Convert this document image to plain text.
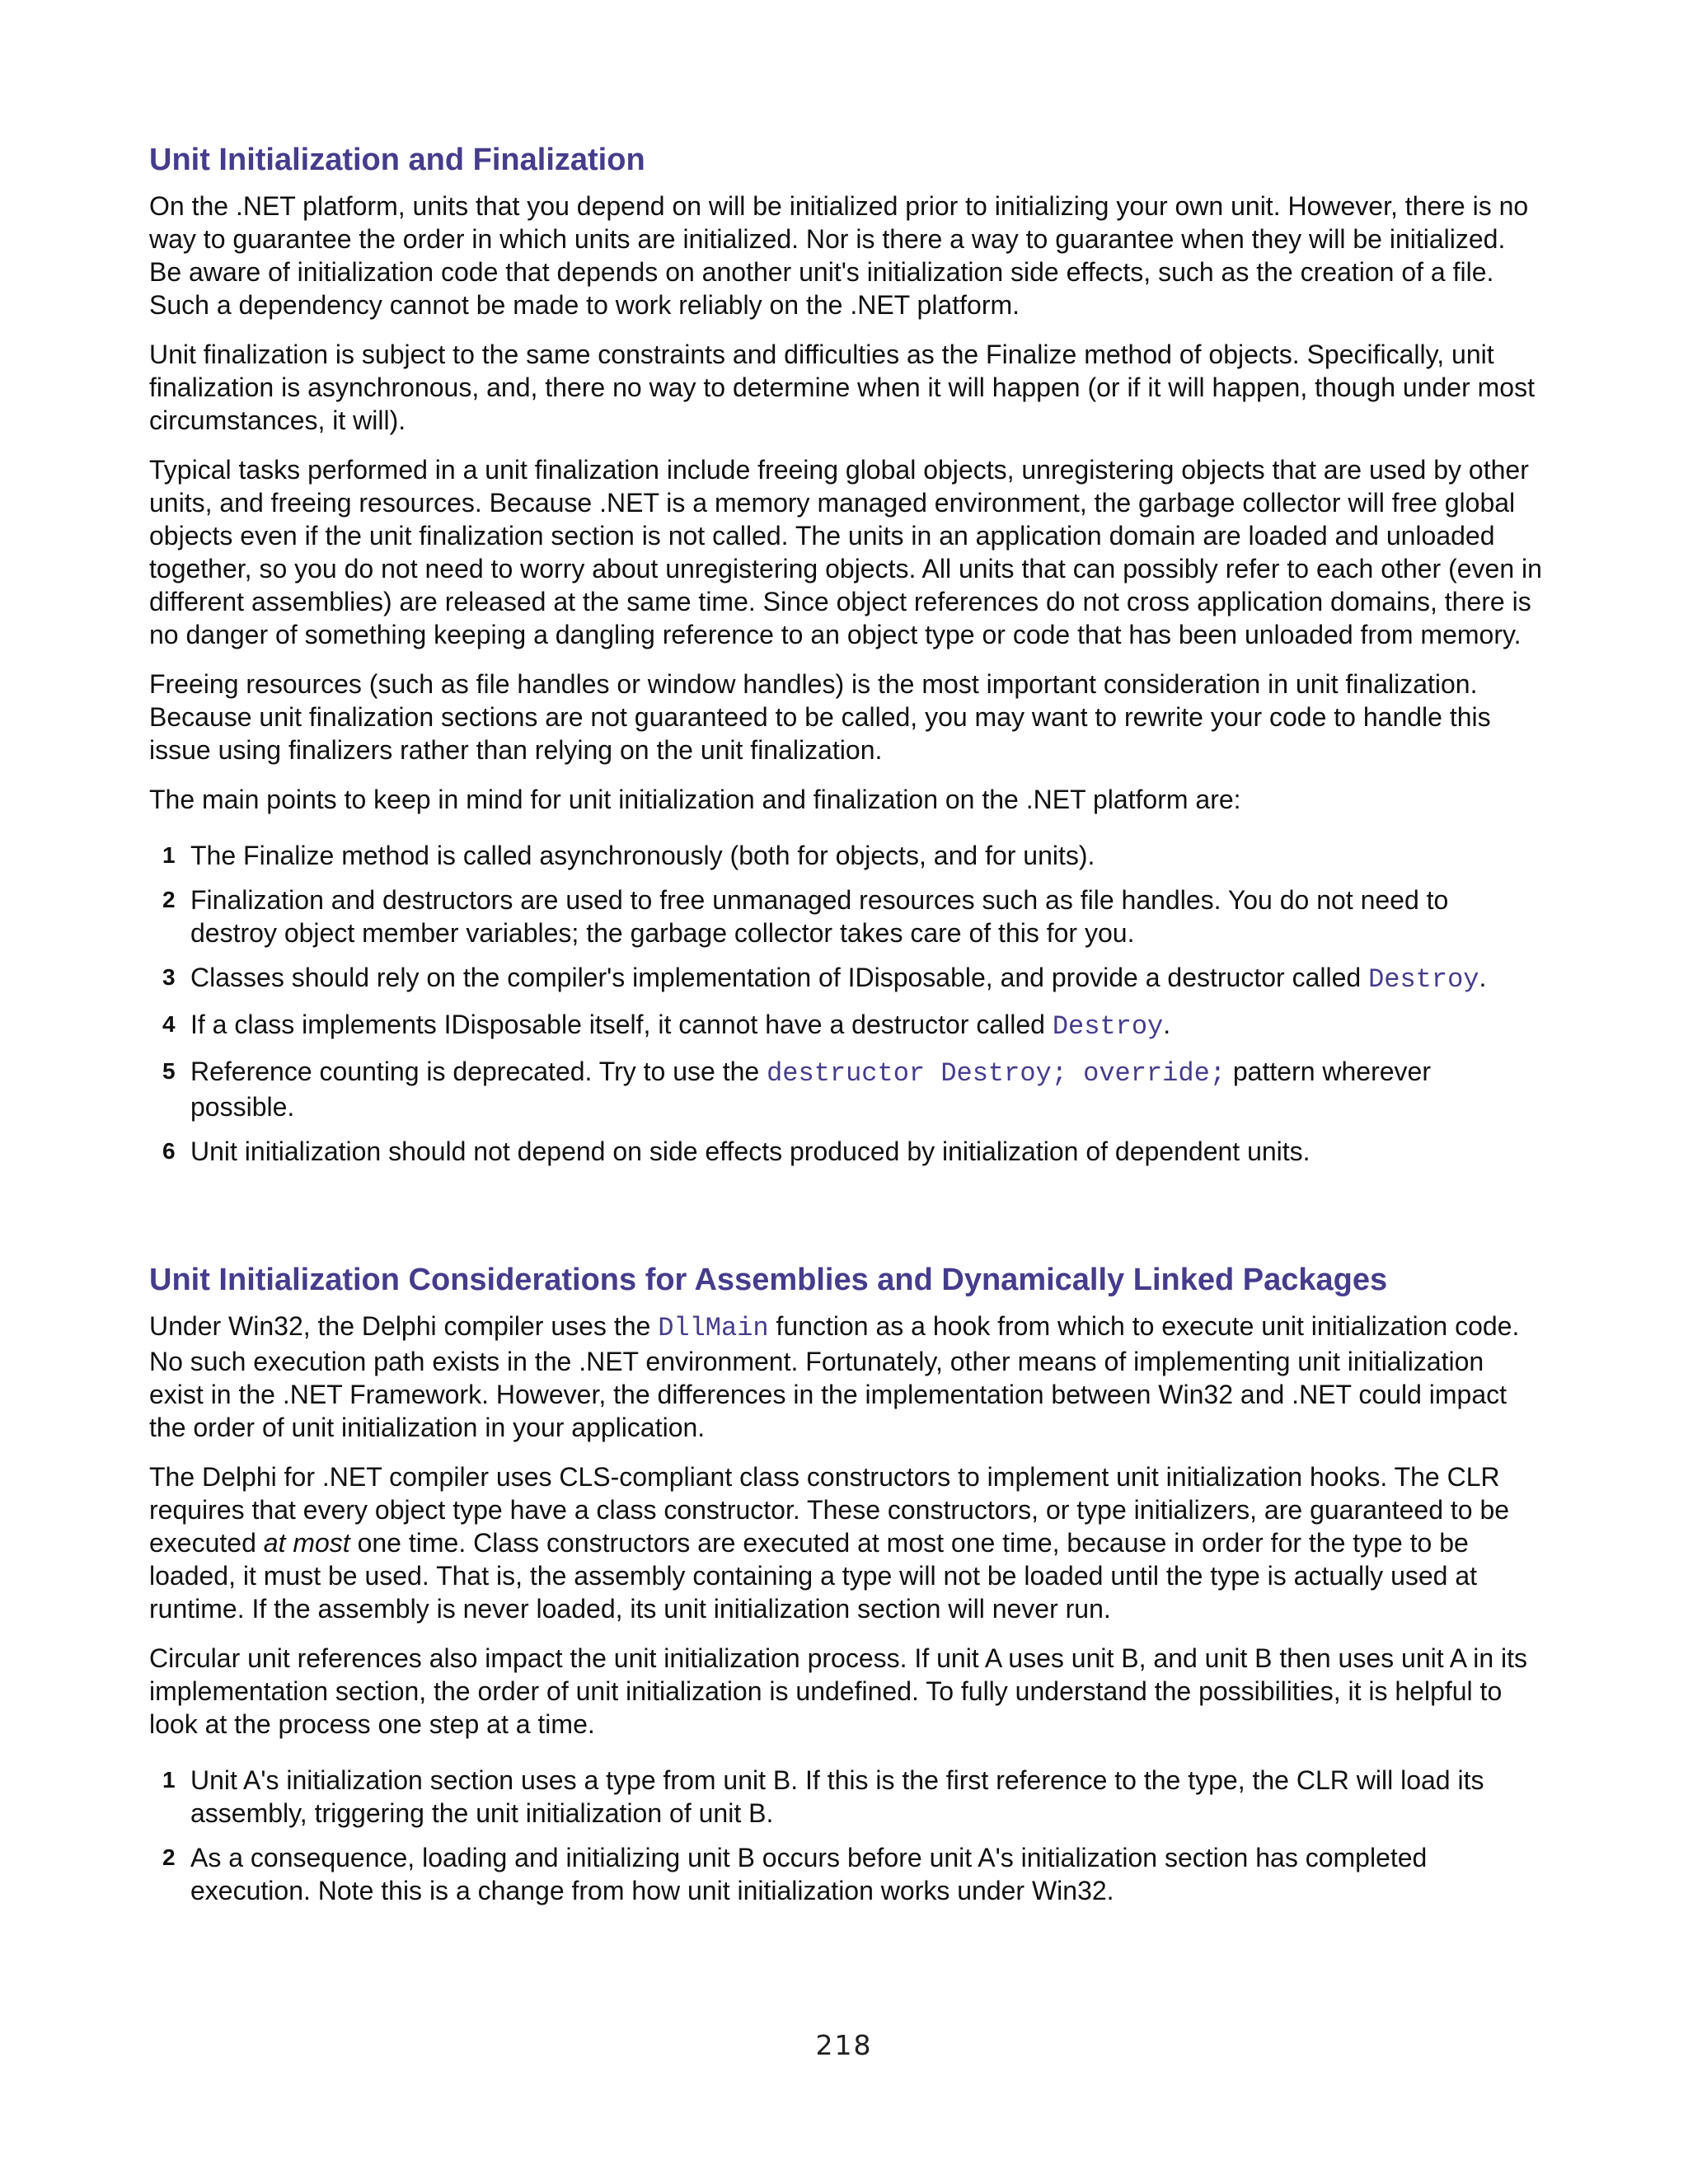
Unit Initialization and Finalization

On the .NET platform, units that you depend on will be initialized prior to initializing your own unit. However, there is no way to guarantee the order in which units are initialized. Nor is there a way to guarantee when they will be initialized. Be aware of initialization code that depends on another unit's initialization side effects, such as the creation of a file. Such a dependency cannot be made to work reliably on the .NET platform.

Unit finalization is subject to the same constraints and difficulties as the Finalize method of objects. Specifically, unit finalization is asynchronous, and, there no way to determine when it will happen (or if it will happen, though under most circumstances, it will).

Typical tasks performed in a unit finalization include freeing global objects, unregistering objects that are used by other units, and freeing resources. Because .NET is a memory managed environment, the garbage collector will free global objects even if the unit finalization section is not called. The units in an application domain are loaded and unloaded together, so you do not need to worry about unregistering objects. All units that can possibly refer to each other (even in different assemblies) are released at the same time. Since object references do not cross application domains, there is no danger of something keeping a dangling reference to an object type or code that has been unloaded from memory.

Freeing resources (such as file handles or window handles) is the most important consideration in unit finalization. Because unit finalization sections are not guaranteed to be called, you may want to rewrite your code to handle this issue using finalizers rather than relying on the unit finalization.

The main points to keep in mind for unit initialization and finalization on the .NET platform are:

1 The Finalize method is called asynchronously (both for objects, and for units).
2 Finalization and destructors are used to free unmanaged resources such as file handles. You do not need to destroy object member variables; the garbage collector takes care of this for you.
3 Classes should rely on the compiler's implementation of IDisposable, and provide a destructor called Destroy.
4 If a class implements IDisposable itself, it cannot have a destructor called Destroy.
5 Reference counting is deprecated. Try to use the destructor Destroy; override; pattern wherever possible.
6 Unit initialization should not depend on side effects produced by initialization of dependent units.
Unit Initialization Considerations for Assemblies and Dynamically Linked Packages

Under Win32, the Delphi compiler uses the DllMain function as a hook from which to execute unit initialization code. No such execution path exists in the .NET environment. Fortunately, other means of implementing unit initialization exist in the .NET Framework. However, the differences in the implementation between Win32 and .NET could impact the order of unit initialization in your application.

The Delphi for .NET compiler uses CLS-compliant class constructors to implement unit initialization hooks. The CLR requires that every object type have a class constructor. These constructors, or type initializers, are guaranteed to be executed at most one time. Class constructors are executed at most one time, because in order for the type to be loaded, it must be used. That is, the assembly containing a type will not be loaded until the type is actually used at runtime. If the assembly is never loaded, its unit initialization section will never run.

Circular unit references also impact the unit initialization process. If unit A uses unit B, and unit B then uses unit A in its implementation section, the order of unit initialization is undefined. To fully understand the possibilities, it is helpful to look at the process one step at a time.

1 Unit A's initialization section uses a type from unit B. If this is the first reference to the type, the CLR will load its assembly, triggering the unit initialization of unit B.
2 As a consequence, loading and initializing unit B occurs before unit A's initialization section has completed execution. Note this is a change from how unit initialization works under Win32.
218
